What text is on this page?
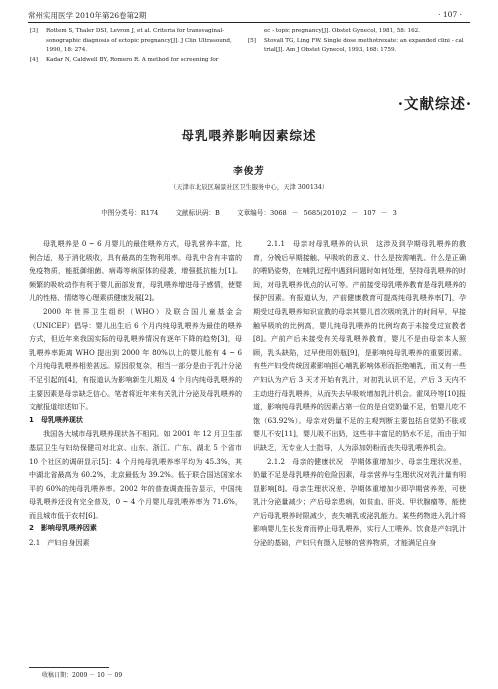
常州实用医学 2010年第26卷第2期	· 107 ·
[3]	Rottem S, Thaler DSI, Levron J, et al. Criteria for transvaginal-sonographic diagnosis of ectopic pregnancy[J]. J Clin Ultrasound, 1990, 18: 274.
[4]	Kadar N, Caldwell BY, Romero R. A method for screening for
ec - topic pregnancy[J]. Obstet Gynecol, 1981, 58: 162.
[5]	Stovall TG, Ling FW. Single dose methotrexate: an expanded clini - cal trial[J]. Am J Obstet Gynecol, 1993, 168: 1759.
·文献综述·
母乳喂养影响因素综述
李俊芳
（天津市北辰区瑞景社区卫生服务中心，天津 300134）
中图分类号：R174	文献标识码：B	文章编号：3068 － 5685(2010)2 － 107 － 3

母乳喂养是 0 ~ 6 月婴儿的最佳喂养方式，母乳营养丰富，比例合适，易于消化吸收，具有最高的生物利用率。母乳中含有丰富的免疫物质，能抵御细菌、病毒等病原体的侵袭，增强抵抗能力[1]。频繁的吸吮动作有利于婴儿面部发育，母乳喂养增进母子感情，使婴儿的性格、情绪等心理素质健康发展[2]。

2000 年世界卫生组织（WHO）及联合国儿童基金会（UNICEF）倡导：婴儿出生后 6 个月内纯母乳喂养为最佳的喂养方式，但近年来我国实际的母乳喂养情况有逐年下降的趋势[3]，母乳喂养率距离 WHO 提出到 2000 年 80%以上的婴儿能有 4 ~ 6 个月纯母乳喂养相差甚远。原因很复杂，相当一部分是由于乳汁分泌不足引起的[4]，有报道认为影响新生儿期及 4 个月内纯母乳喂养的主要因素是母亲缺乏信心。笔者将近年来有关乳汁分泌及母乳喂养的文献报道综述如下。

1　母乳喂养现状

我国各大城市母乳喂养现状各不相同。如 2001 年 12 月卫生部基层卫生与妇幼保健司对北京、山东、浙江、广东、湖北 5 个省市 10 个社区的调研显示[5]：4 个月纯母乳喂养率平均为 45.3%，其中湖北省最高为 60.2%，北京最低为 39.2%。低于联合国达国家水平的 60%的纯母乳喂养率。2002 年的普查调查报告显示，中国纯母乳喂养还没有完全普及，0 ~ 4 个月婴儿母乳喂养率为 71.6%，而且城市低于农村[6]。

2　影响母乳喂养因素

2.1　产妇自身因素

2.1.1　母亲对母乳喂养的认识　这涉及到孕期母乳喂养的教育，分娩后早期接触、早吸吮的意义、什么是按需哺乳、什么是正确的喂奶姿势，在哺乳过程中遇到问题时如何处理，坚持母乳喂养的时间，对母乳喂养优点的认可等。产前接受母乳喂养教育是母乳喂养的保护因素。有报道认为，产前健康教育可提高纯母乳喂养率[7]，孕期受过母乳喂养知识宣教的母亲其婴儿首次吸吮乳汁的时间早，早接触早吸吮的比例高，婴儿纯母乳喂养的比例均高于未接受过宣教者[8]。产前产后未接受有关母乳喂养教育，婴儿不是由母亲本人照顾，乳头缺陷，过早使用奶瓶[9]，是影响纯母乳喂养的重要因素。有些产妇受传统因素影响担心哺乳影响体形而拒绝哺乳，而又有一些产妇认为产后 3 天才开始有乳汁，对初乳认识不足，产后 3 天内不主动进行母乳喂养，从而失去早吸吮增加乳汁机会。霍凤玲等[10]报道，影响纯母乳喂养的因素占第一位的是自觉奶量不足，怕婴儿吃不饱（63.92%）。母亲对奶量不足的主观判断主要包括自觉奶不胀或婴儿不安[11]，婴儿吸不出奶，这些非丰富足的奶水不足，而由于知识缺乏，无专业人士指导，人为添加奶粉而丧失母乳喂养机会。

2.1.2　母亲的健康状况　孕期体重增加少、母亲生理状况差、奶量不足是母乳喂养的危险因素，母亲营养与生理状况对乳汁量有明显影响[8]。母亲生理状况差、孕期体重增加少即孕期营养差，可使乳汁分泌量减少；产后母亲患病，如贫血、肝炎、甲状腺瘤等，能使产后母乳喂养时限减少，丧失哺乳或泌乳能力。某些药物进入乳汁将影响婴儿生长发育而停止母乳喂养，实行人工喂养。饮食是产妇乳汁分泌的基础，产妇只有摄入足够的营养物质，才能满足自身

收稿日期：2009 － 10 － 09
